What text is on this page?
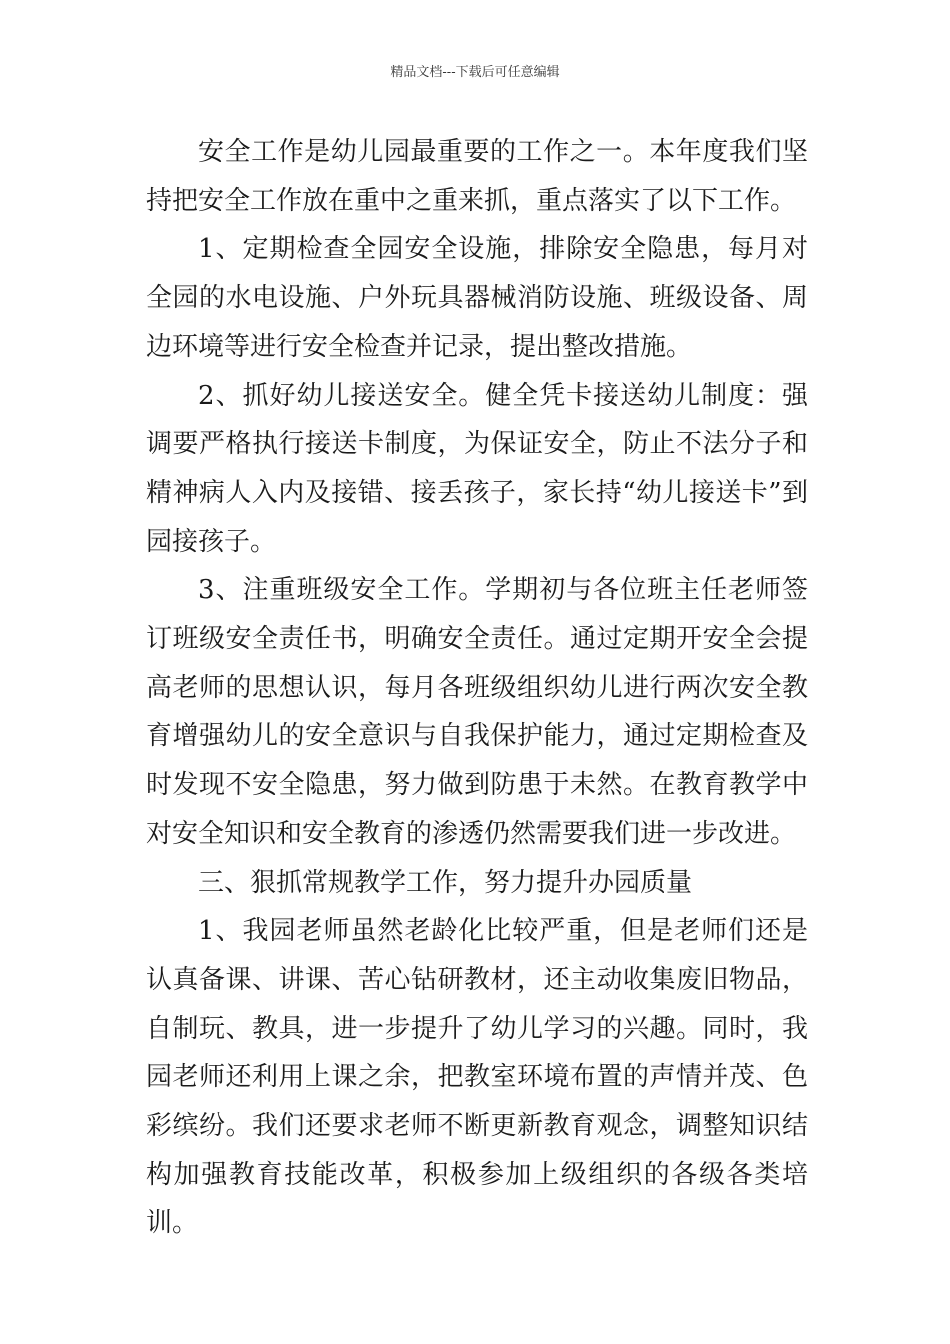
精品文档---下载后可任意编辑

安全工作是幼儿园最重要的工作之一。本年度我们坚持把安全工作放在重中之重来抓，重点落实了以下工作。

1、定期检查全园安全设施，排除安全隐患，每月对全园的水电设施、户外玩具器械消防设施、班级设备、周边环境等进行安全检查并记录，提出整改措施。

2、抓好幼儿接送安全。健全凭卡接送幼儿制度：强调要严格执行接送卡制度，为保证安全，防止不法分子和精神病人入内及接错、接丢孩子，家长持“幼儿接送卡”到园接孩子。

3、注重班级安全工作。学期初与各位班主任老师签订班级安全责任书，明确安全责任。通过定期开安全会提高老师的思想认识，每月各班级组织幼儿进行两次安全教育增强幼儿的安全意识与自我保护能力，通过定期检查及时发现不安全隐患，努力做到防患于未然。在教育教学中对安全知识和安全教育的渗透仍然需要我们进一步改进。

三、狠抓常规教学工作，努力提升办园质量

1、我园老师虽然老龄化比较严重，但是老师们还是认真备课、讲课、苦心钻研教材，还主动收集废旧物品，自制玩、教具，进一步提升了幼儿学习的兴趣。同时，我园老师还利用上课之余，把教室环境布置的声情并茂、色彩缤纷。我们还要求老师不断更新教育观念，调整知识结构加强教育技能改革，积极参加上级组织的各级各类培训。
